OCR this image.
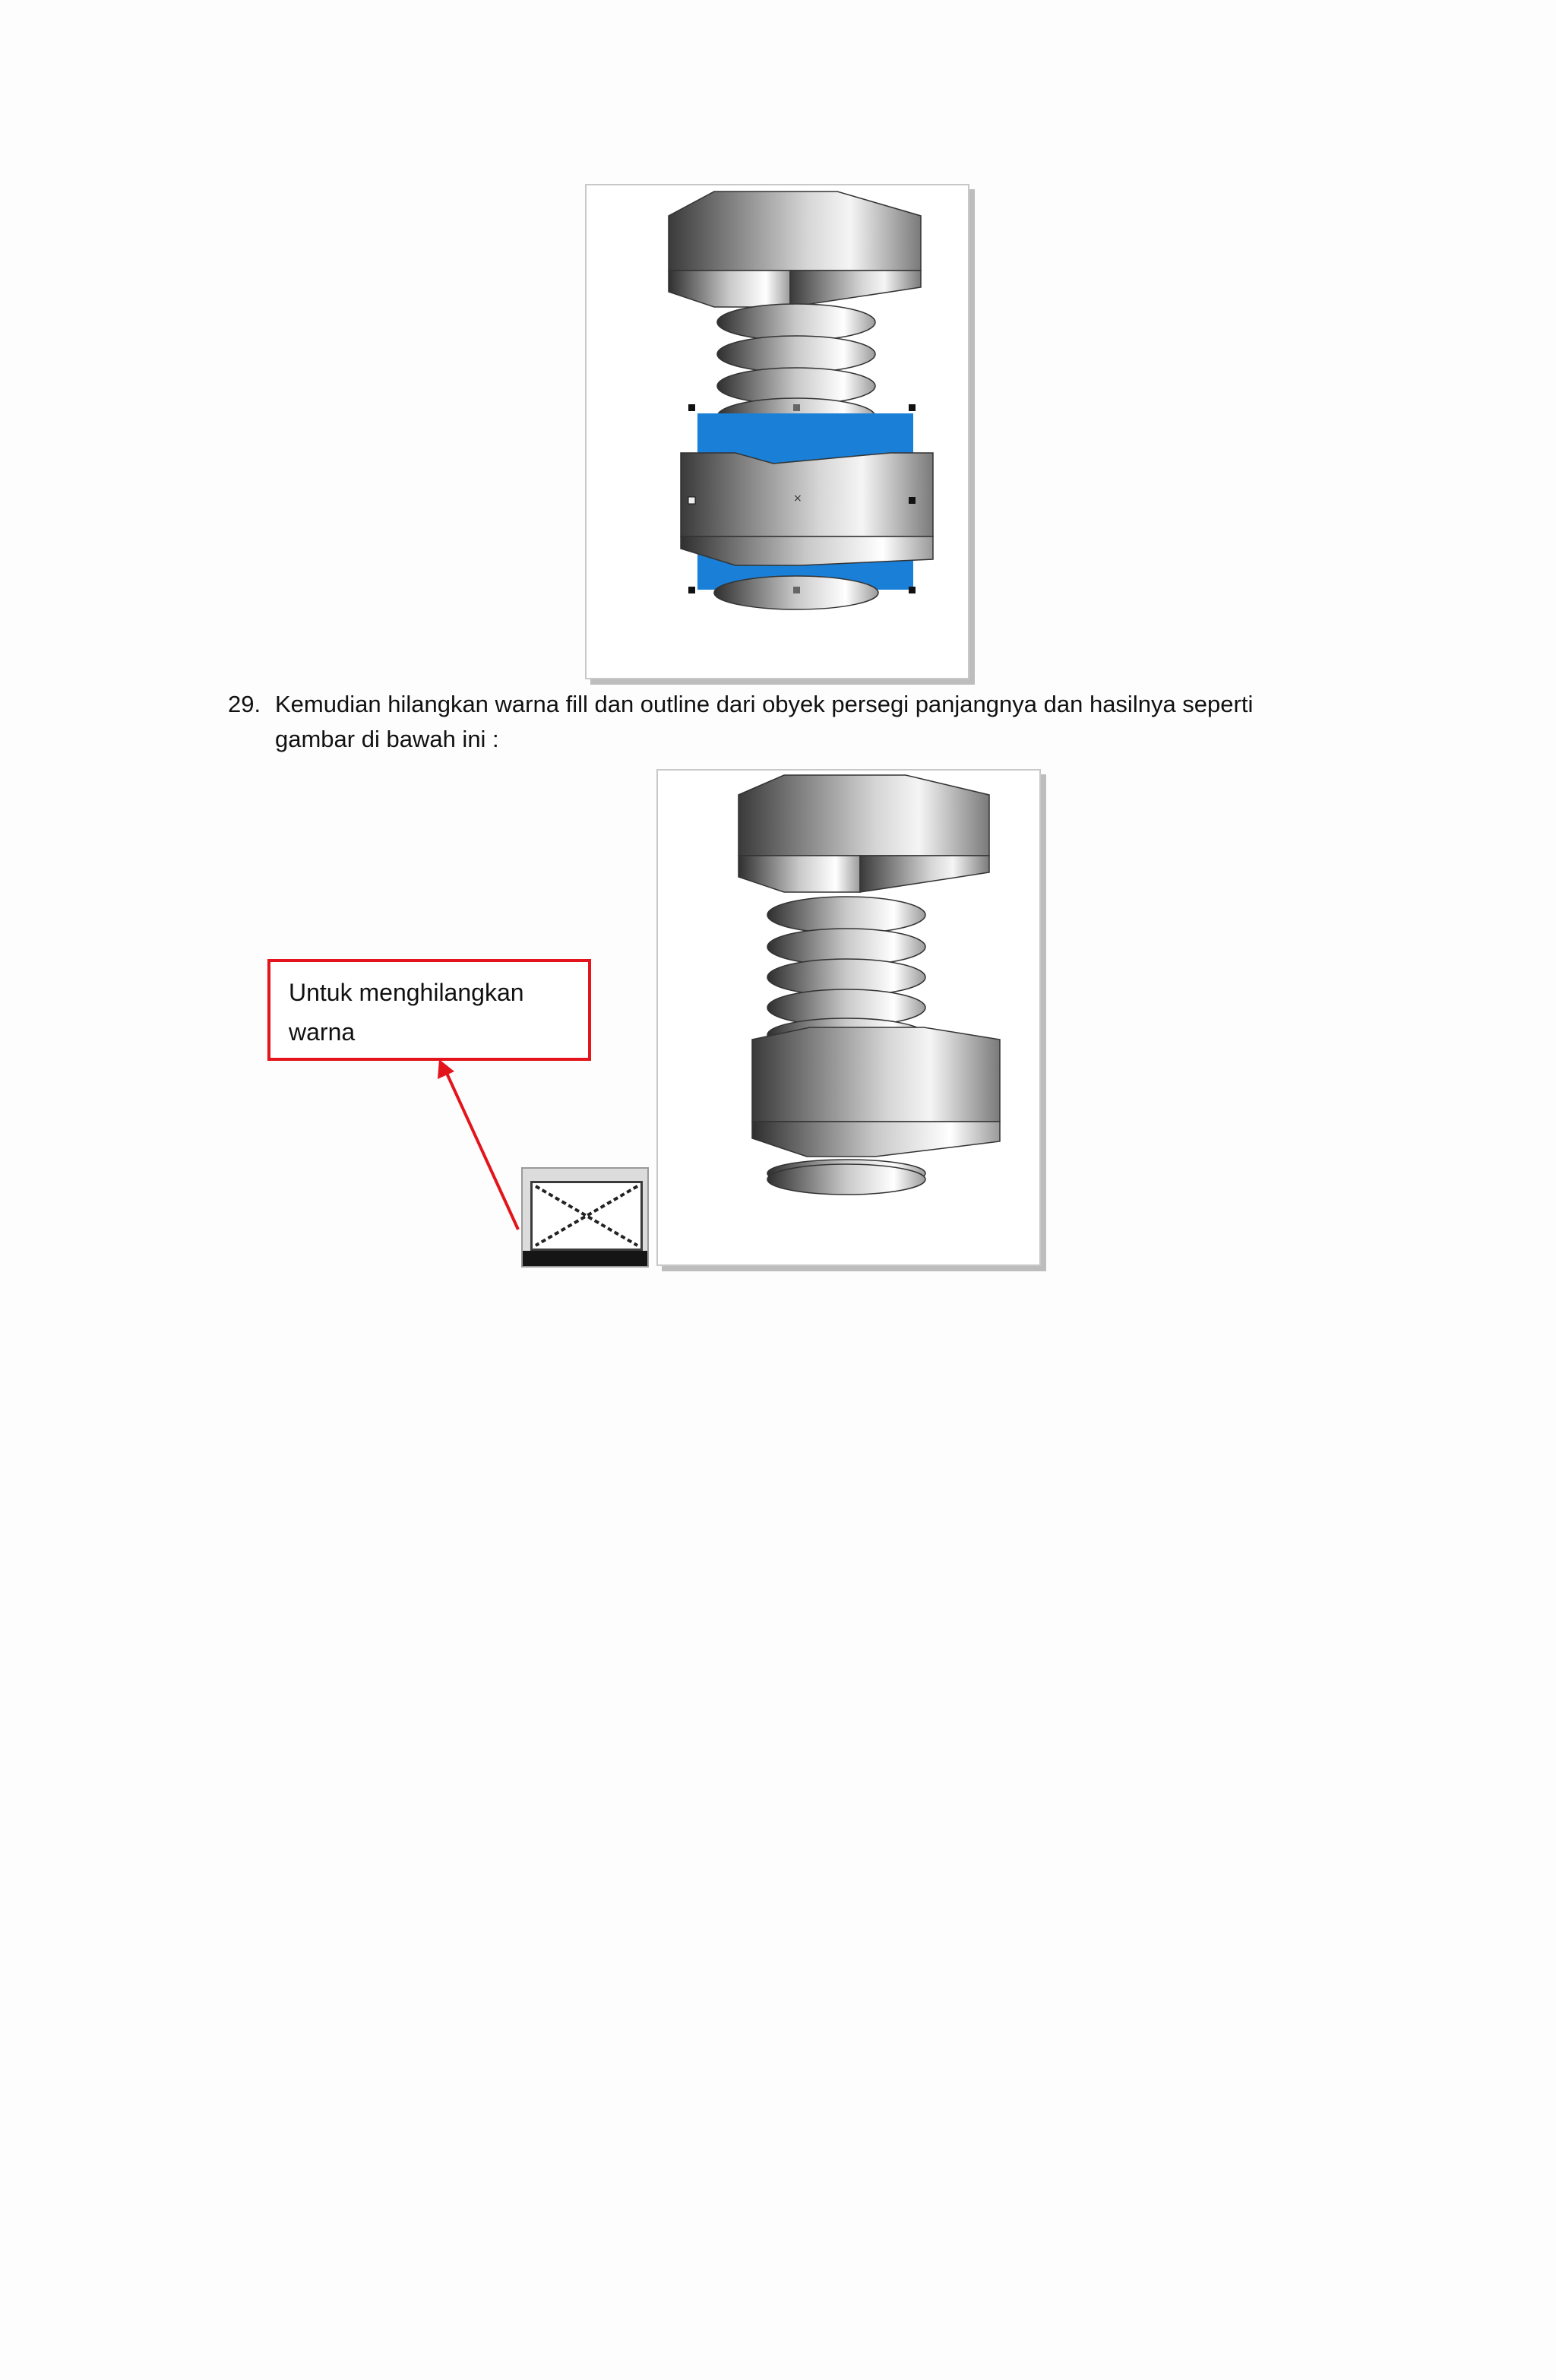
×
29. Kemudian hilangkan warna fill dan outline dari obyek persegi panjangnya dan hasilnya seperti
gambar di bawah ini :
Untuk menghilangkan
warna
